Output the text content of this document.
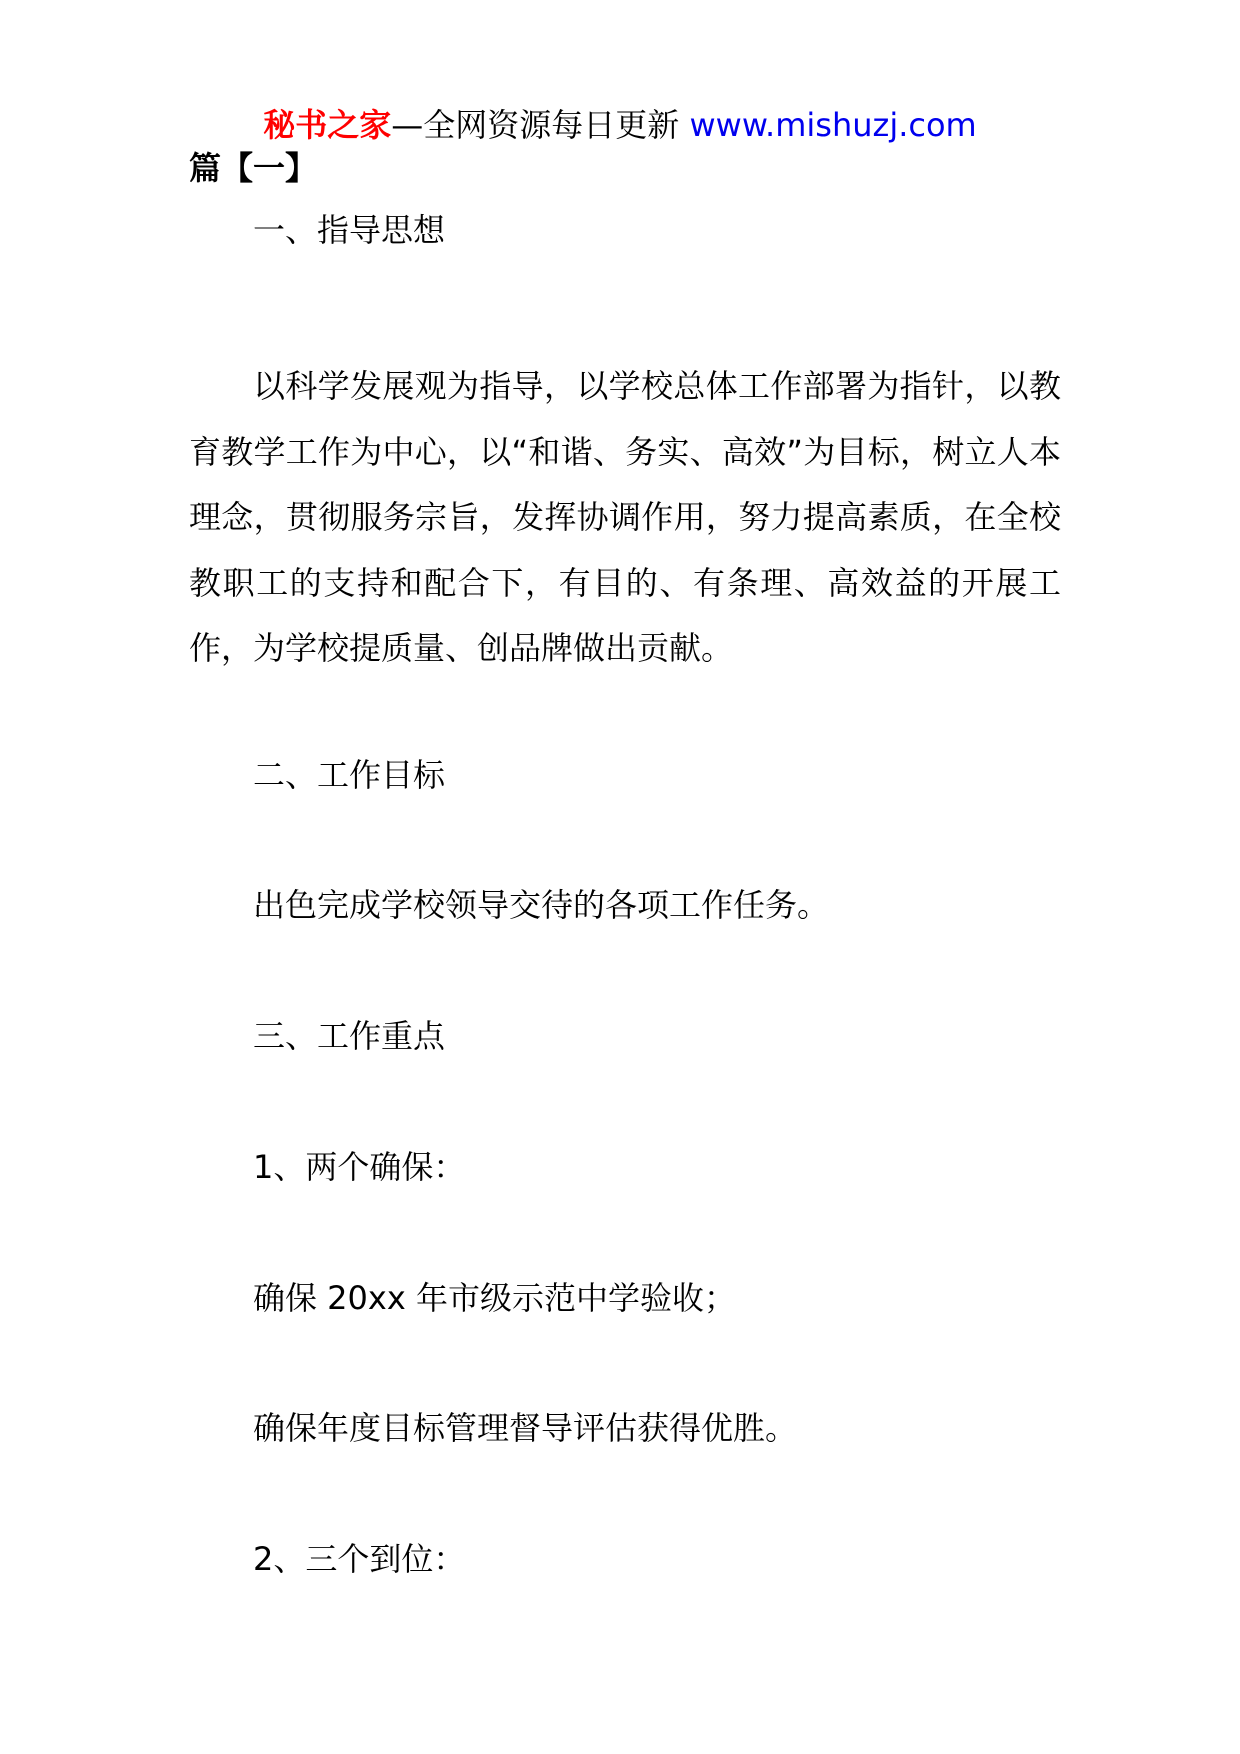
秘书之家—全网资源每日更新 www.mishuzj.com
篇【一】
一、指导思想
以科学发展观为指导，以学校总体工作部署为指针，以教育教学工作为中心，以“和谐、务实、高效”为目标，树立人本理念，贯彻服务宗旨，发挥协调作用，努力提高素质，在全校教职工的支持和配合下，有目的、有条理、高效益的开展工作，为学校提质量、创品牌做出贡献。
二、工作目标
出色完成学校领导交待的各项工作任务。
三、工作重点
1、两个确保：
确保 20xx 年市级示范中学验收；
确保年度目标管理督导评估获得优胜。
2、三个到位：
